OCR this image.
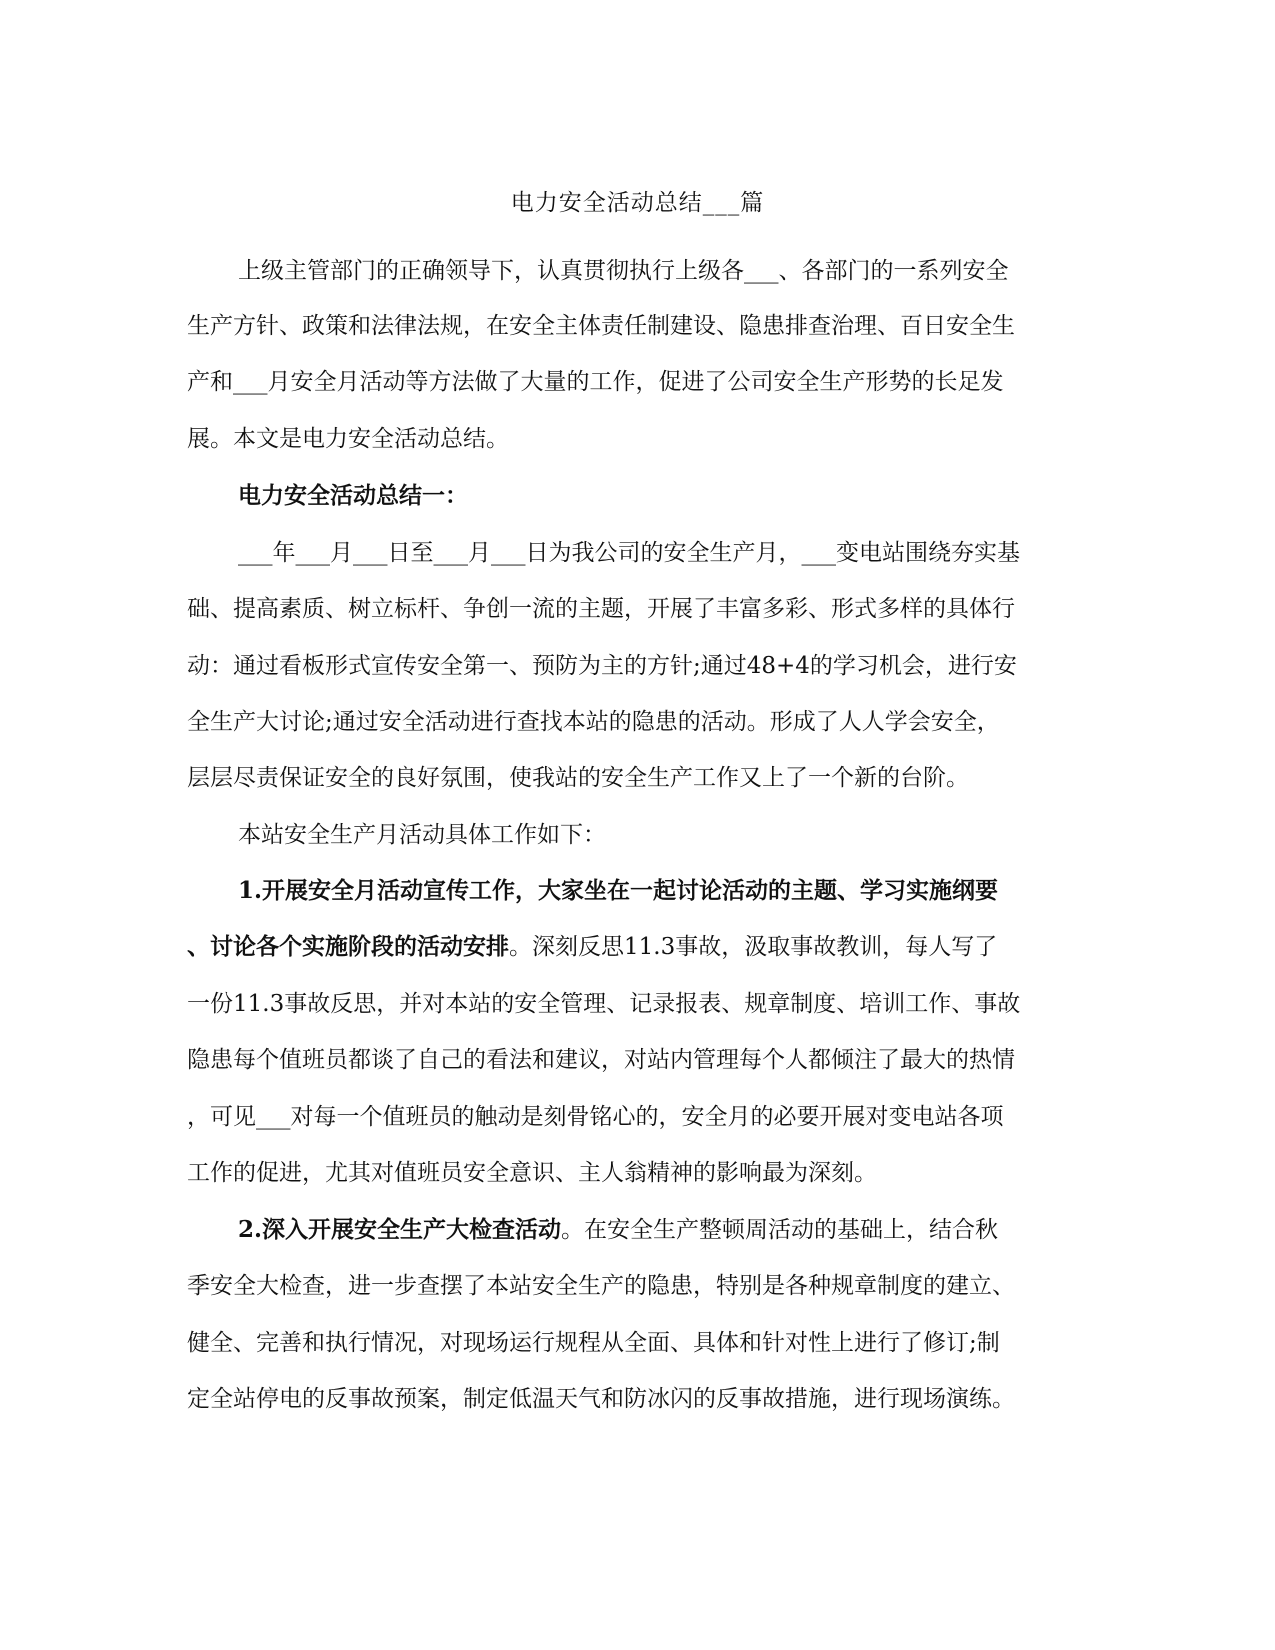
电力安全活动总结___篇
上级主管部门的正确领导下，认真贯彻执行上级各___、各部门的一系列安全
生产方针、政策和法律法规，在安全主体责任制建设、隐患排查治理、百日安全生
产和___月安全月活动等方法做了大量的工作，促进了公司安全生产形势的长足发
展。本文是电力安全活动总结。
电力安全活动总结一：
___年___月___日至___月___日为我公司的安全生产月，___变电站围绕夯实基
础、提高素质、树立标杆、争创一流的主题，开展了丰富多彩、形式多样的具体行
动：通过看板形式宣传安全第一、预防为主的方针;通过48+4的学习机会，进行安
全生产大讨论;通过安全活动进行查找本站的隐患的活动。形成了人人学会安全，
层层尽责保证安全的良好氛围，使我站的安全生产工作又上了一个新的台阶。
本站安全生产月活动具体工作如下：
1.开展安全月活动宣传工作，大家坐在一起讨论活动的主题、学习实施纲要
、讨论各个实施阶段的活动安排。深刻反思11.3事故，汲取事故教训，每人写了
一份11.3事故反思，并对本站的安全管理、记录报表、规章制度、培训工作、事故
隐患每个值班员都谈了自己的看法和建议，对站内管理每个人都倾注了最大的热情
，可见___对每一个值班员的触动是刻骨铭心的，安全月的必要开展对变电站各项
工作的促进，尤其对值班员安全意识、主人翁精神的影响最为深刻。
2.深入开展安全生产大检查活动。在安全生产整顿周活动的基础上，结合秋
季安全大检查，进一步查摆了本站安全生产的隐患，特别是各种规章制度的建立、
健全、完善和执行情况，对现场运行规程从全面、具体和针对性上进行了修订;制
定全站停电的反事故预案，制定低温天气和防冰闪的反事故措施，进行现场演练。
